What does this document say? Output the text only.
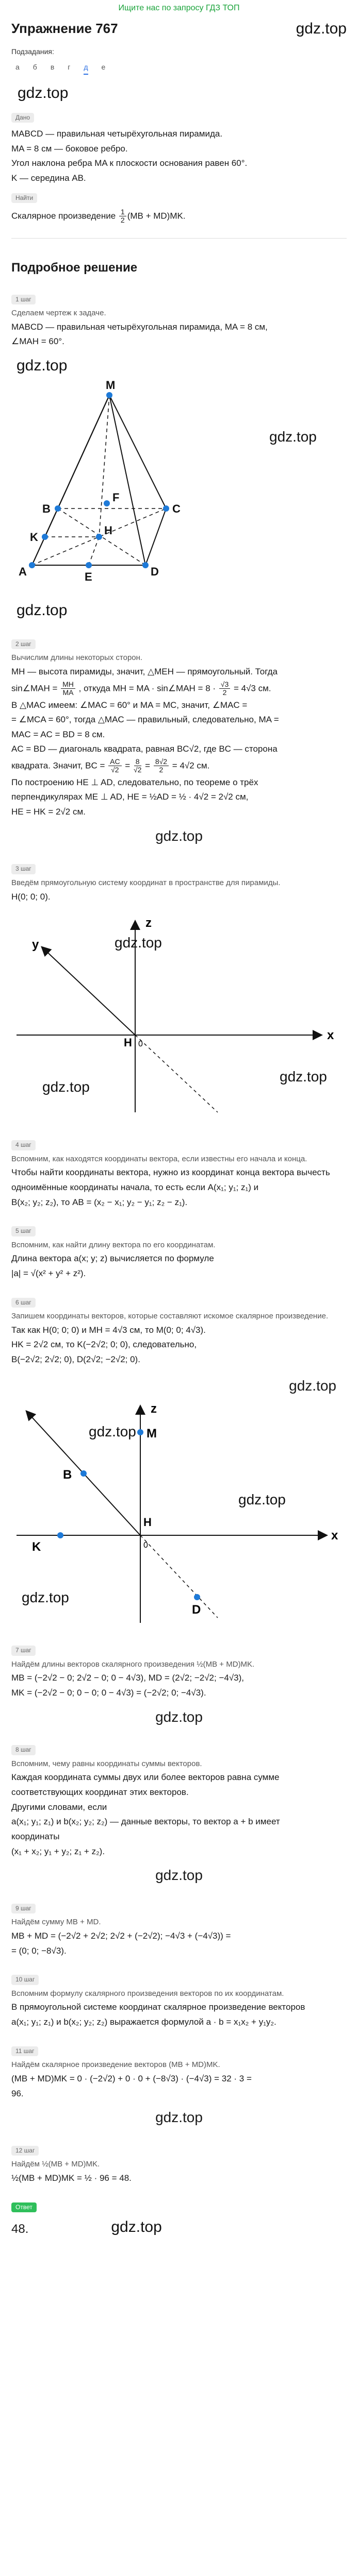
Ищите нас по запросу ГДЗ ТОП
Упражнение 767	gdz.top
Подзадания:
а б в г д е
gdz.top
Дано
MABCD — правильная четырёхугольная пирамида.
MA = 8 см — боковое ребро.
Угол наклона ребра MA к плоскости основания равен 60°.
K — середина AB.
Найти
Скалярное произведение $\frac{1}{2} (MB + MD)MK$.
Подробное решение
1 шаг
Сделаем чертеж к задаче.
MABCD — правильная четырёхугольная пирамида, MA = 8 см,
∠MAH = 60°.
gdz.top
M
B	C
F
K
H
A	E	D
gdz.top
gdz.top
2 шаг
Вычислим длины некоторых сторон.
MH — высота пирамиды, значит, △MEH — прямоугольный. Тогда
sin∠MAH = $\frac{MH}{MA}$ , откуда MH = MA · sin∠MAH = $8 \cdot \frac{√3}{2} = 4√3$ см.
В △MAC имеем: ∠MAC = 60° и MA = MC, значит, ∠MAC =
= ∠MCA = 60°, тогда △MAC — правильный, следовательно, MA =
MAC = AC = BD = 8 см.
AC = BD — диагональ квадрата, равная BC√2, где BC — сторона
квадрата. Значит, BC = $\frac{AC}{√2} = \frac{8}{√2} = \frac{8√2}{2} = 4√2$ см.
По построению HE ⊥ AD, следовательно, по теореме о трёх
перпендикулярах ME ⊥ AD, HE = ½AD = ½ · 4√2 = 2√2 см,
HE = HK = 2√2 см.
gdz.top
3 шаг
Введём прямоугольную систему координат в пространстве для пирамиды.
H(0; 0; 0).
gdz.top
z
y
x
H 0
gdz.top
gdz.top
4 шаг
Вспомним, как находятся координаты вектора, если известны его начала и конца.
Чтобы найти координаты вектора, нужно из координат конца вектора вычесть
одноимённые координаты начала, то есть если A(x₁; y₁; z₁) и
B(x₂; y₂; z₂), то AB = (x₂ − x₁; y₂ − y₁; z₂ − z₁).
5 шаг
Вспомним, как найти длину вектора по его координатам.
Длина вектора a(x; y; z) вычисляется по формуле
|a| = √(x² + y² + z²).
6 шаг
Запишем координаты векторов, которые составляют искомое скалярное произведение.
Так как H(0; 0; 0) и MH = 4√3 см, то M(0; 0; 4√3).
HK = 2√2 см, то K(−2√2; 0; 0), следовательно,
B(−2√2; 2√2; 0), D(2√2; −2√2; 0).
gdz.top
gdz.top M
z
B
K
H
0
x
D
gdz.top
gdz.top
7 шаг
Найдём длины векторов скалярного произведения ½(MB + MD)MK.
MB = (−2√2 − 0; 2√2 − 0; 0 − 4√3), MD = (2√2; −2√2; −4√3),
MK = (−2√2 − 0; 0 − 0; 0 − 4√3) = (−2√2; 0; −4√3).
gdz.top
8 шаг
Вспомним, чему равны координаты суммы векторов.
Каждая координата суммы двух или более векторов равна сумме
соответствующих координат этих векторов.
Другими словами, если
a(x₁; y₁; z₁) и b(x₂; y₂; z₂) — данные векторы, то вектор a + b имеет
координаты
(x₁ + x₂; y₁ + y₂; z₁ + z₂).
gdz.top
9 шаг
Найдём сумму MB + MD.
MB + MD = (−2√2 + 2√2; 2√2 + (−2√2); −4√3 + (−4√3)) =
= (0; 0; −8√3).
10 шаг
Вспомним формулу скалярного произведения векторов по их координатам.
В прямоугольной системе координат скалярное произведение векторов
a(x₁; y₁; z₁) и b(x₂; y₂; z₂) выражается формулой a · b = x₁x₂ + y₁y₂.
11 шаг
Найдём скалярное произведение векторов (MB + MD)MK.
(MB + MD)MK = 0 · (−2√2) + 0 · 0 + (−8√3) · (−4√3) = 32 · 3 =
96.
gdz.top
12 шаг
Найдём ½(MB + MD)MK.
½(MB + MD)MK = ½ · 96 = 48.
Ответ
48.	gdz.top
